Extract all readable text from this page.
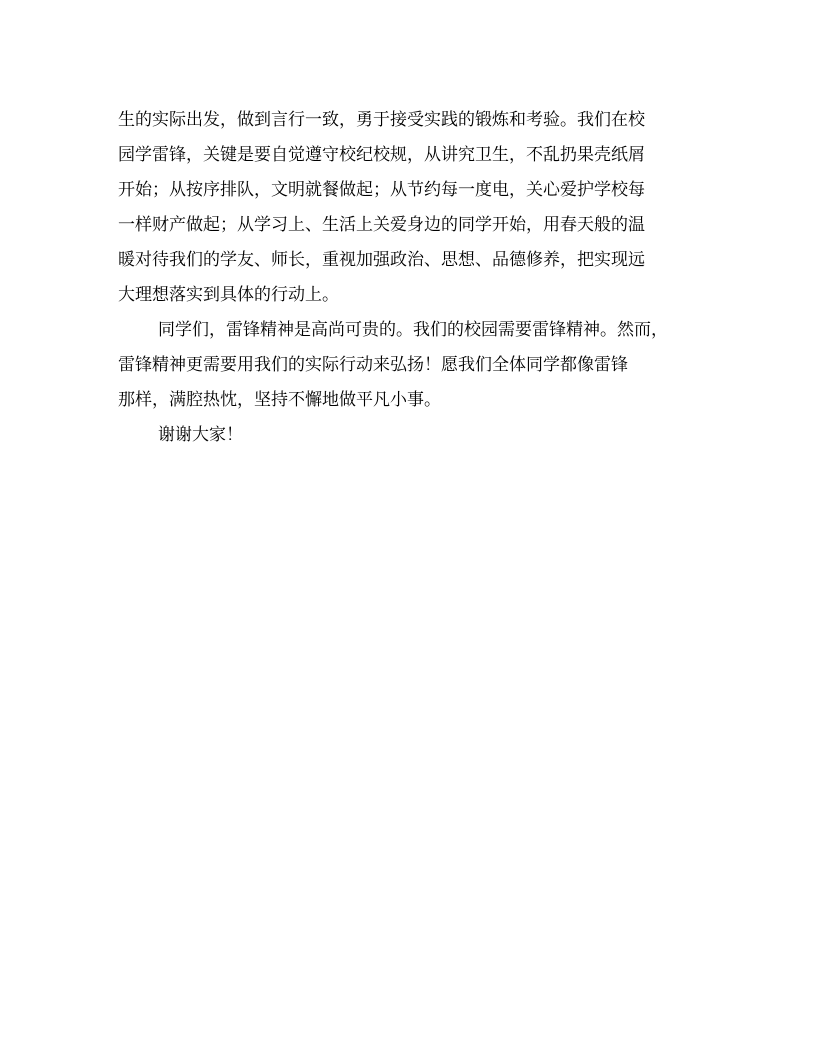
生的实际出发，做到言行一致，勇于接受实践的锻炼和考验。我们在校
园学雷锋，关键是要自觉遵守校纪校规，从讲究卫生，不乱扔果壳纸屑
开始；从按序排队，文明就餐做起；从节约每一度电，关心爱护学校每
一样财产做起；从学习上、生活上关爱身边的同学开始，用春天般的温
暖对待我们的学友、师长，重视加强政治、思想、品德修养，把实现远
大理想落实到具体的行动上。
同学们，雷锋精神是高尚可贵的。我们的校园需要雷锋精神。然而，
雷锋精神更需要用我们的实际行动来弘扬！愿我们全体同学都像雷锋
那样，满腔热忱，坚持不懈地做平凡小事。
谢谢大家！
